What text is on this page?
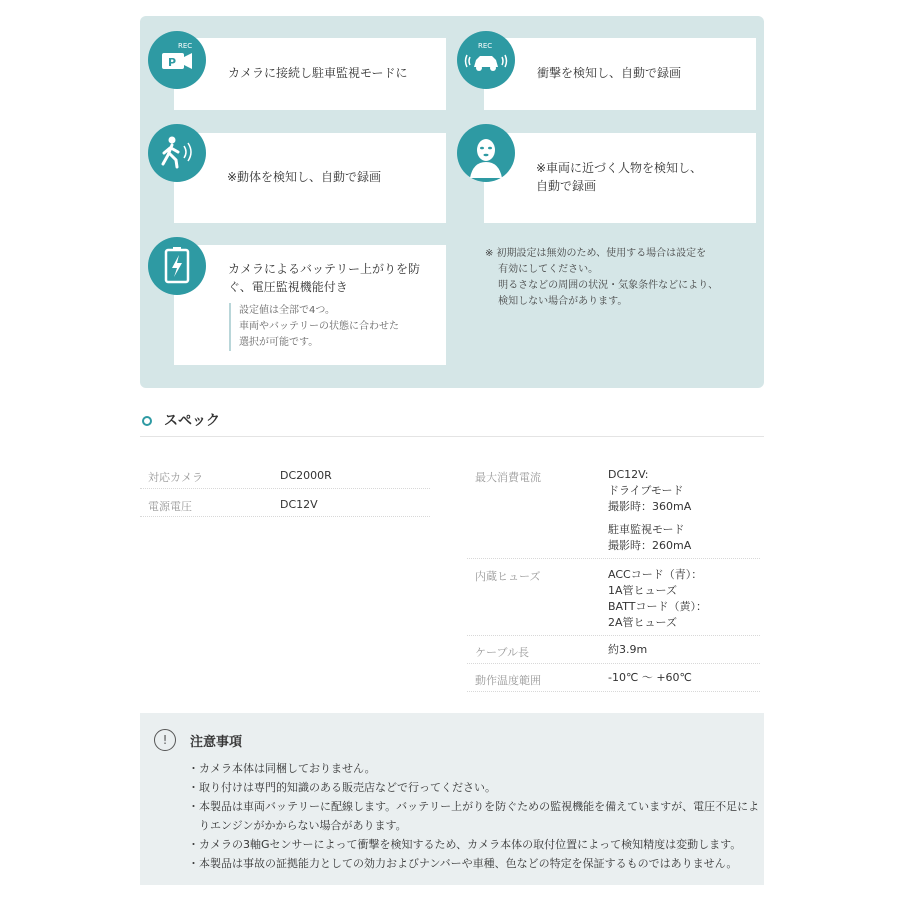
カメラに接続し駐車監視モードに
REC
P
衝撃を検知し、自動で録画
REC
※動体を検知し、自動で録画
※車両に近づく人物を検知し、
自動で録画
カメラによるバッテリー上がりを防
ぐ、電圧監視機能付き
設定値は全部で4つ。
車両やバッテリーの状態に合わせた
選択が可能です。
※ 初期設定は無効のため、使用する場合は設定を
　 有効にしてください。
　 明るさなどの周囲の状況・気象条件などにより、
　 検知しない場合があります。
スペック
対応カメラ	DC2000R
電源電圧	DC12V
最大消費電流	DC12V:
ドライブモード
撮影時：360mA
駐車監視モード
撮影時：260mA
内蔵ヒューズ	ACCコード（青）：
1A管ヒューズ
BATTコード（黄）：
2A管ヒューズ
ケーブル長	約3.9m
動作温度範囲	-10℃ ～ +60℃
!	注意事項
・カメラ本体は同梱しておりません。
・取り付けは専門的知識のある販売店などで行ってください。
・本製品は車両バッテリーに配線します。バッテリー上がりを防ぐための監視機能を備えていますが、電圧不足によ
　りエンジンがかからない場合があります。
・カメラの3軸Gセンサーによって衝撃を検知するため、カメラ本体の取付位置によって検知精度は変動します。
・本製品は事故の証拠能力としての効力およびナンバーや車種、色などの特定を保証するものではありません。
